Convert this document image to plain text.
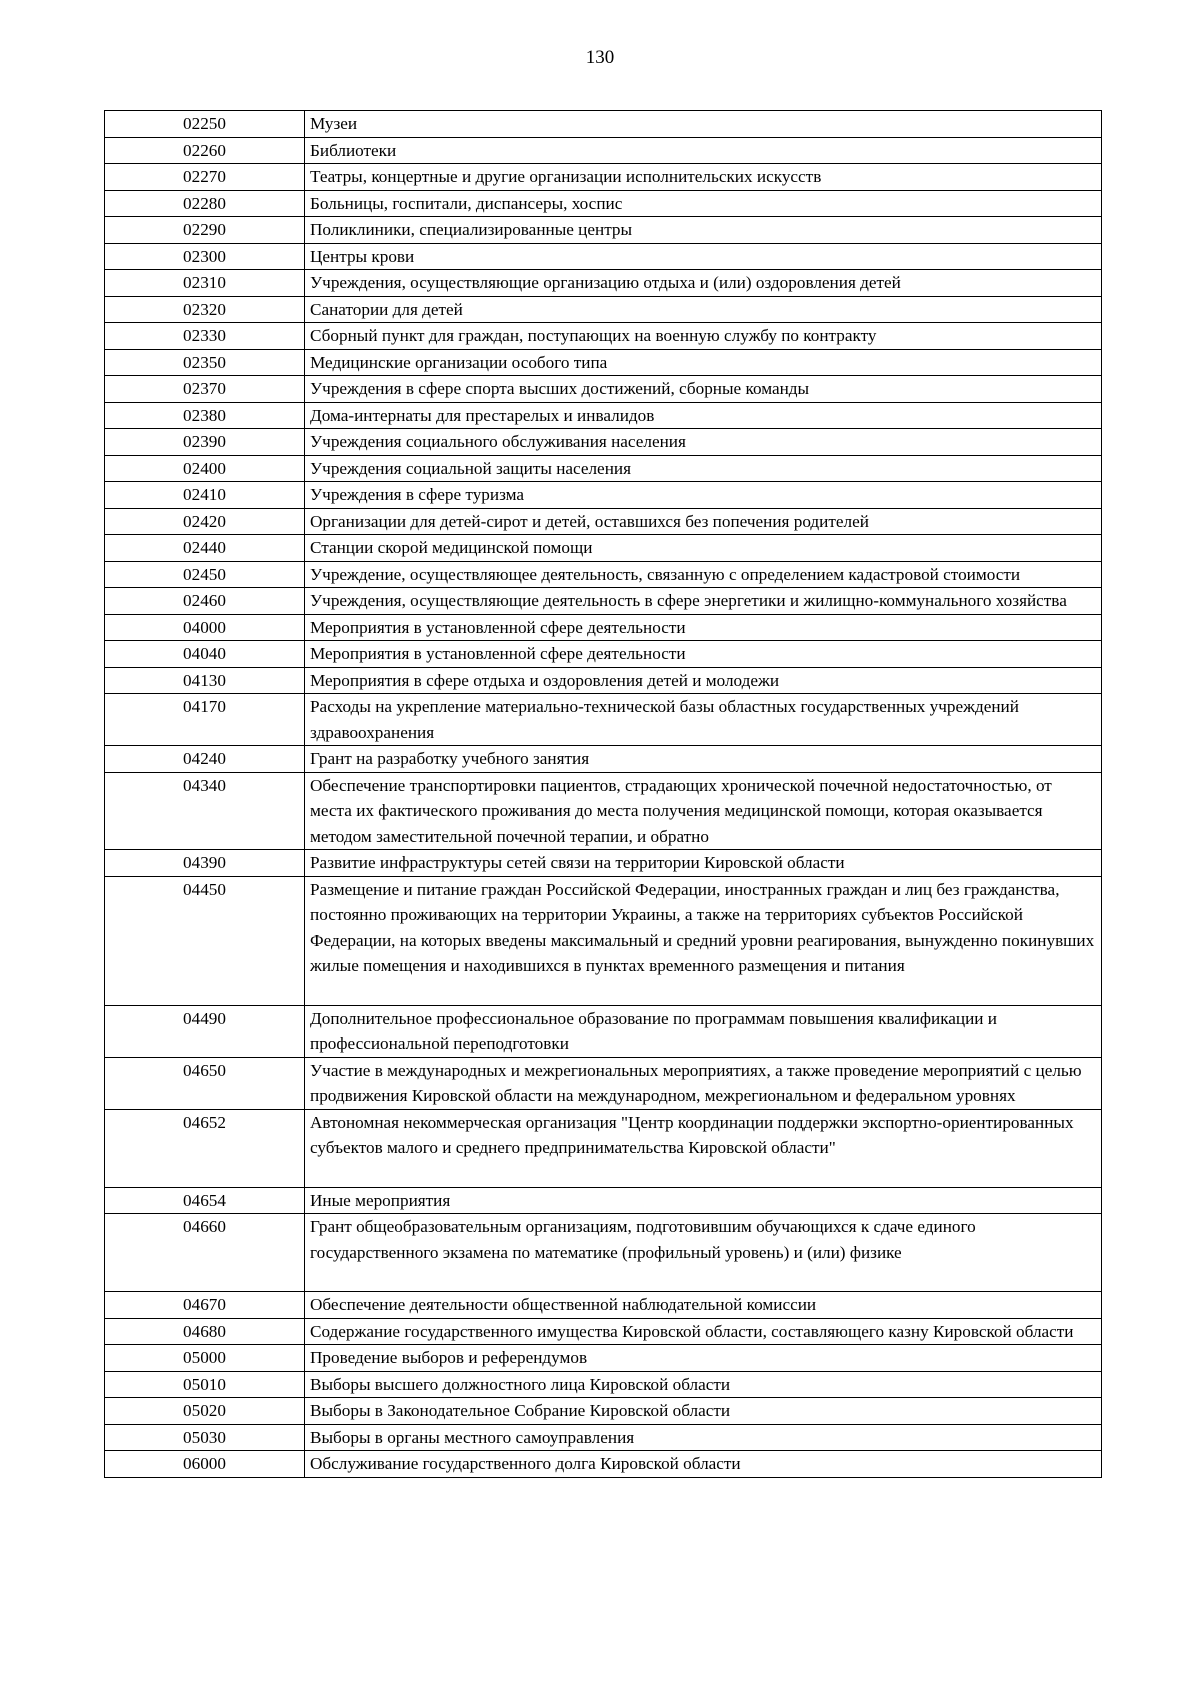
130
02250	Музеи
02260	Библиотеки
02270	Театры, концертные и другие организации исполнительских искусств
02280	Больницы, госпитали, диспансеры, хоспис
02290	Поликлиники, специализированные центры
02300	Центры крови
02310	Учреждения, осуществляющие организацию отдыха и (или) оздоровления детей
02320	Санатории для детей
02330	Сборный пункт для граждан, поступающих на военную службу по контракту
02350	Медицинские организации особого типа
02370	Учреждения в сфере спорта высших достижений, сборные команды
02380	Дома-интернаты для престарелых и инвалидов
02390	Учреждения социального обслуживания населения
02400	Учреждения социальной защиты населения
02410	Учреждения в сфере туризма
02420	Организации для детей-сирот и детей, оставшихся без попечения родителей
02440	Станции скорой медицинской помощи
02450	Учреждение, осуществляющее деятельность, связанную с определением кадастровой стоимости
02460	Учреждения, осуществляющие деятельность в сфере энергетики и жилищно-коммунального хозяйства
04000	Мероприятия в установленной сфере деятельности
04040	Мероприятия в установленной сфере деятельности
04130	Мероприятия в сфере отдыха и оздоровления детей и молодежи
04170	Расходы на укрепление материально-технической базы областных государственных учреждений здравоохранения
04240	Грант на разработку учебного занятия
04340	Обеспечение транспортировки пациентов, страдающих хронической почечной недостаточностью, от места их фактического проживания до места получения медицинской помощи, которая оказывается методом заместительной почечной терапии, и обратно
04390	Развитие инфраструктуры сетей связи на территории Кировской области
04450	Размещение и питание граждан Российской Федерации, иностранных граждан и лиц без гражданства, постоянно проживающих на территории Украины, а также на территориях субъектов Российской Федерации, на которых введены максимальный и средний уровни реагирования, вынужденно покинувших жилые помещения и находившихся в пунктах временного размещения и питания
04490	Дополнительное профессиональное образование по программам повышения квалификации и профессиональной переподготовки
04650	Участие в международных и межрегиональных мероприятиях, а также проведение мероприятий с целью продвижения Кировской области на международном, межрегиональном и федеральном уровнях
04652	Автономная некоммерческая организация "Центр координации поддержки экспортно-ориентированных субъектов малого и среднего предпринимательства Кировской области"
04654	Иные мероприятия
04660	Грант общеобразовательным организациям, подготовившим обучающихся к сдаче единого государственного экзамена по математике (профильный уровень) и (или) физике
04670	Обеспечение деятельности общественной наблюдательной комиссии
04680	Содержание государственного имущества Кировской области, составляющего казну Кировской области
05000	Проведение выборов и референдумов
05010	Выборы высшего должностного лица Кировской области
05020	Выборы в Законодательное Собрание Кировской области
05030	Выборы в органы местного самоуправления
06000	Обслуживание государственного долга Кировской области
